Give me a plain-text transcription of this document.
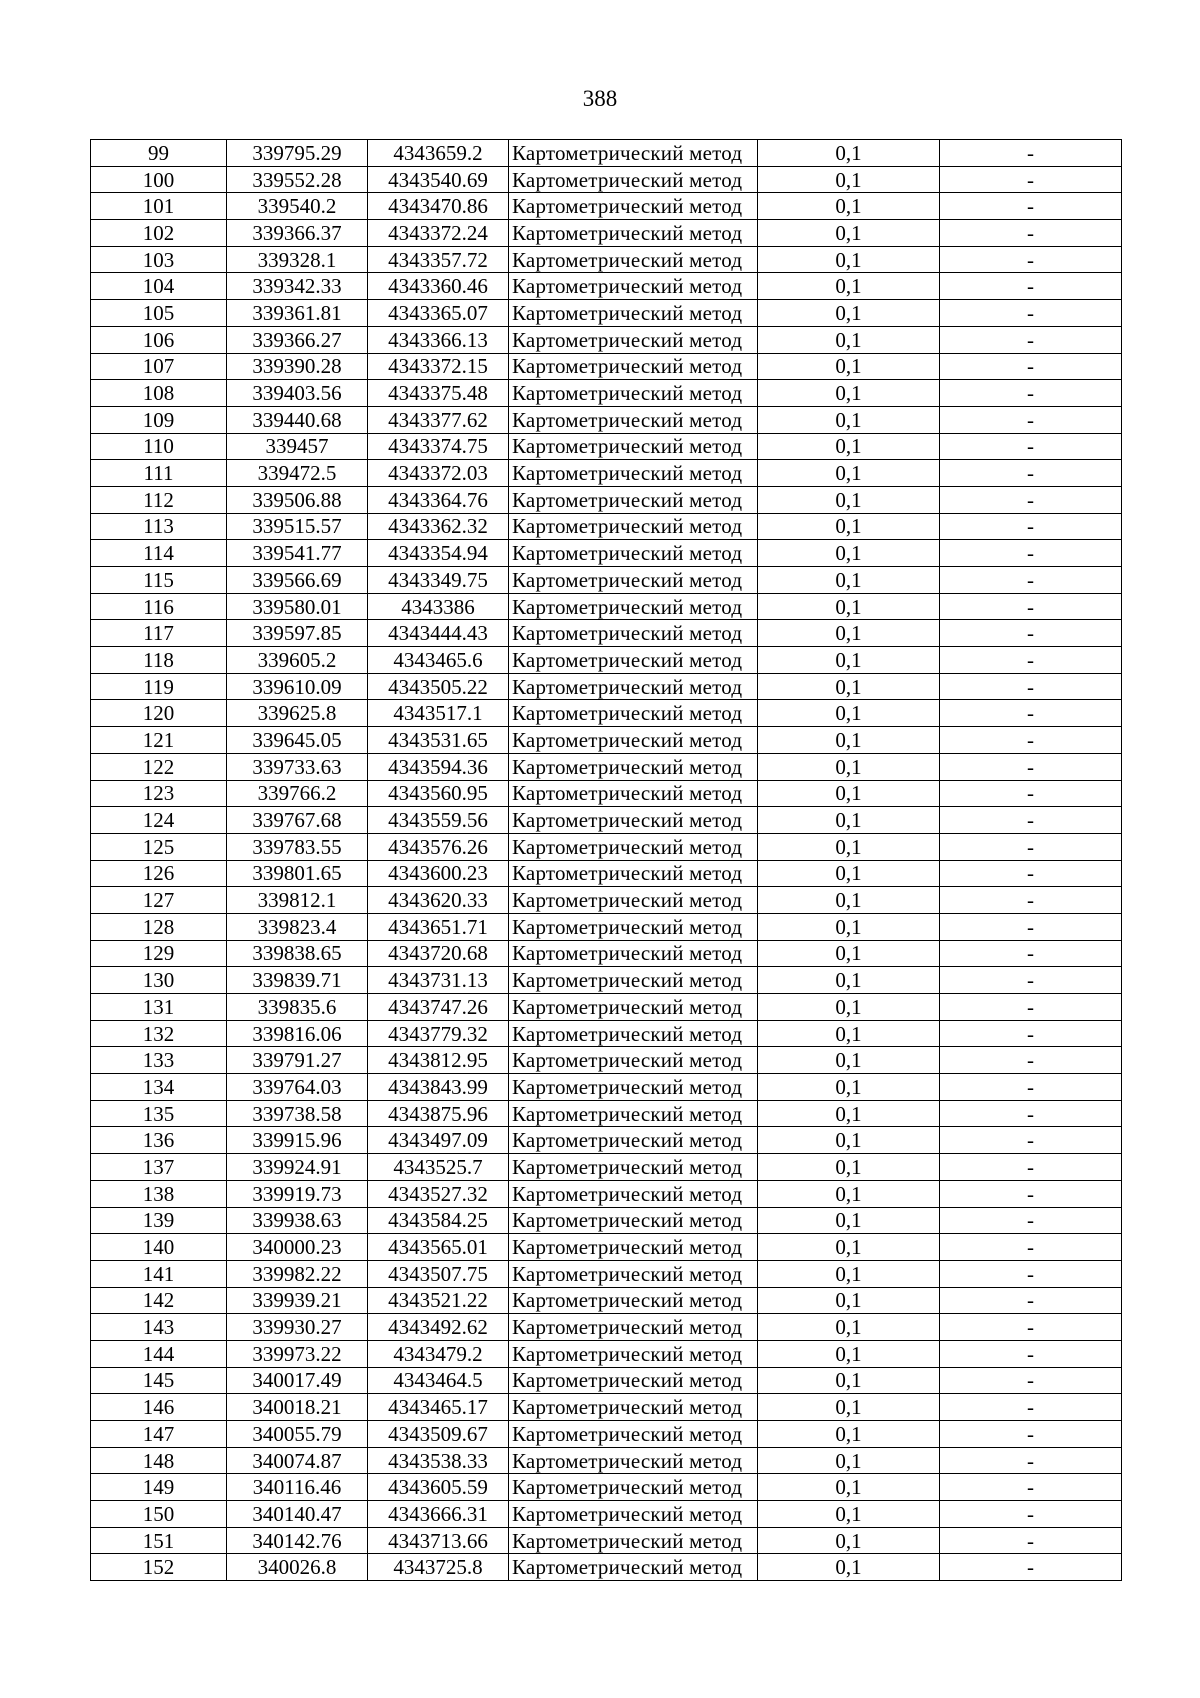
388
99	339795.29	4343659.2	Картометрический метод	0,1	-
100	339552.28	4343540.69	Картометрический метод	0,1	-
101	339540.2	4343470.86	Картометрический метод	0,1	-
102	339366.37	4343372.24	Картометрический метод	0,1	-
103	339328.1	4343357.72	Картометрический метод	0,1	-
104	339342.33	4343360.46	Картометрический метод	0,1	-
105	339361.81	4343365.07	Картометрический метод	0,1	-
106	339366.27	4343366.13	Картометрический метод	0,1	-
107	339390.28	4343372.15	Картометрический метод	0,1	-
108	339403.56	4343375.48	Картометрический метод	0,1	-
109	339440.68	4343377.62	Картометрический метод	0,1	-
110	339457	4343374.75	Картометрический метод	0,1	-
111	339472.5	4343372.03	Картометрический метод	0,1	-
112	339506.88	4343364.76	Картометрический метод	0,1	-
113	339515.57	4343362.32	Картометрический метод	0,1	-
114	339541.77	4343354.94	Картометрический метод	0,1	-
115	339566.69	4343349.75	Картометрический метод	0,1	-
116	339580.01	4343386	Картометрический метод	0,1	-
117	339597.85	4343444.43	Картометрический метод	0,1	-
118	339605.2	4343465.6	Картометрический метод	0,1	-
119	339610.09	4343505.22	Картометрический метод	0,1	-
120	339625.8	4343517.1	Картометрический метод	0,1	-
121	339645.05	4343531.65	Картометрический метод	0,1	-
122	339733.63	4343594.36	Картометрический метод	0,1	-
123	339766.2	4343560.95	Картометрический метод	0,1	-
124	339767.68	4343559.56	Картометрический метод	0,1	-
125	339783.55	4343576.26	Картометрический метод	0,1	-
126	339801.65	4343600.23	Картометрический метод	0,1	-
127	339812.1	4343620.33	Картометрический метод	0,1	-
128	339823.4	4343651.71	Картометрический метод	0,1	-
129	339838.65	4343720.68	Картометрический метод	0,1	-
130	339839.71	4343731.13	Картометрический метод	0,1	-
131	339835.6	4343747.26	Картометрический метод	0,1	-
132	339816.06	4343779.32	Картометрический метод	0,1	-
133	339791.27	4343812.95	Картометрический метод	0,1	-
134	339764.03	4343843.99	Картометрический метод	0,1	-
135	339738.58	4343875.96	Картометрический метод	0,1	-
136	339915.96	4343497.09	Картометрический метод	0,1	-
137	339924.91	4343525.7	Картометрический метод	0,1	-
138	339919.73	4343527.32	Картометрический метод	0,1	-
139	339938.63	4343584.25	Картометрический метод	0,1	-
140	340000.23	4343565.01	Картометрический метод	0,1	-
141	339982.22	4343507.75	Картометрический метод	0,1	-
142	339939.21	4343521.22	Картометрический метод	0,1	-
143	339930.27	4343492.62	Картометрический метод	0,1	-
144	339973.22	4343479.2	Картометрический метод	0,1	-
145	340017.49	4343464.5	Картометрический метод	0,1	-
146	340018.21	4343465.17	Картометрический метод	0,1	-
147	340055.79	4343509.67	Картометрический метод	0,1	-
148	340074.87	4343538.33	Картометрический метод	0,1	-
149	340116.46	4343605.59	Картометрический метод	0,1	-
150	340140.47	4343666.31	Картометрический метод	0,1	-
151	340142.76	4343713.66	Картометрический метод	0,1	-
152	340026.8	4343725.8	Картометрический метод	0,1	-
